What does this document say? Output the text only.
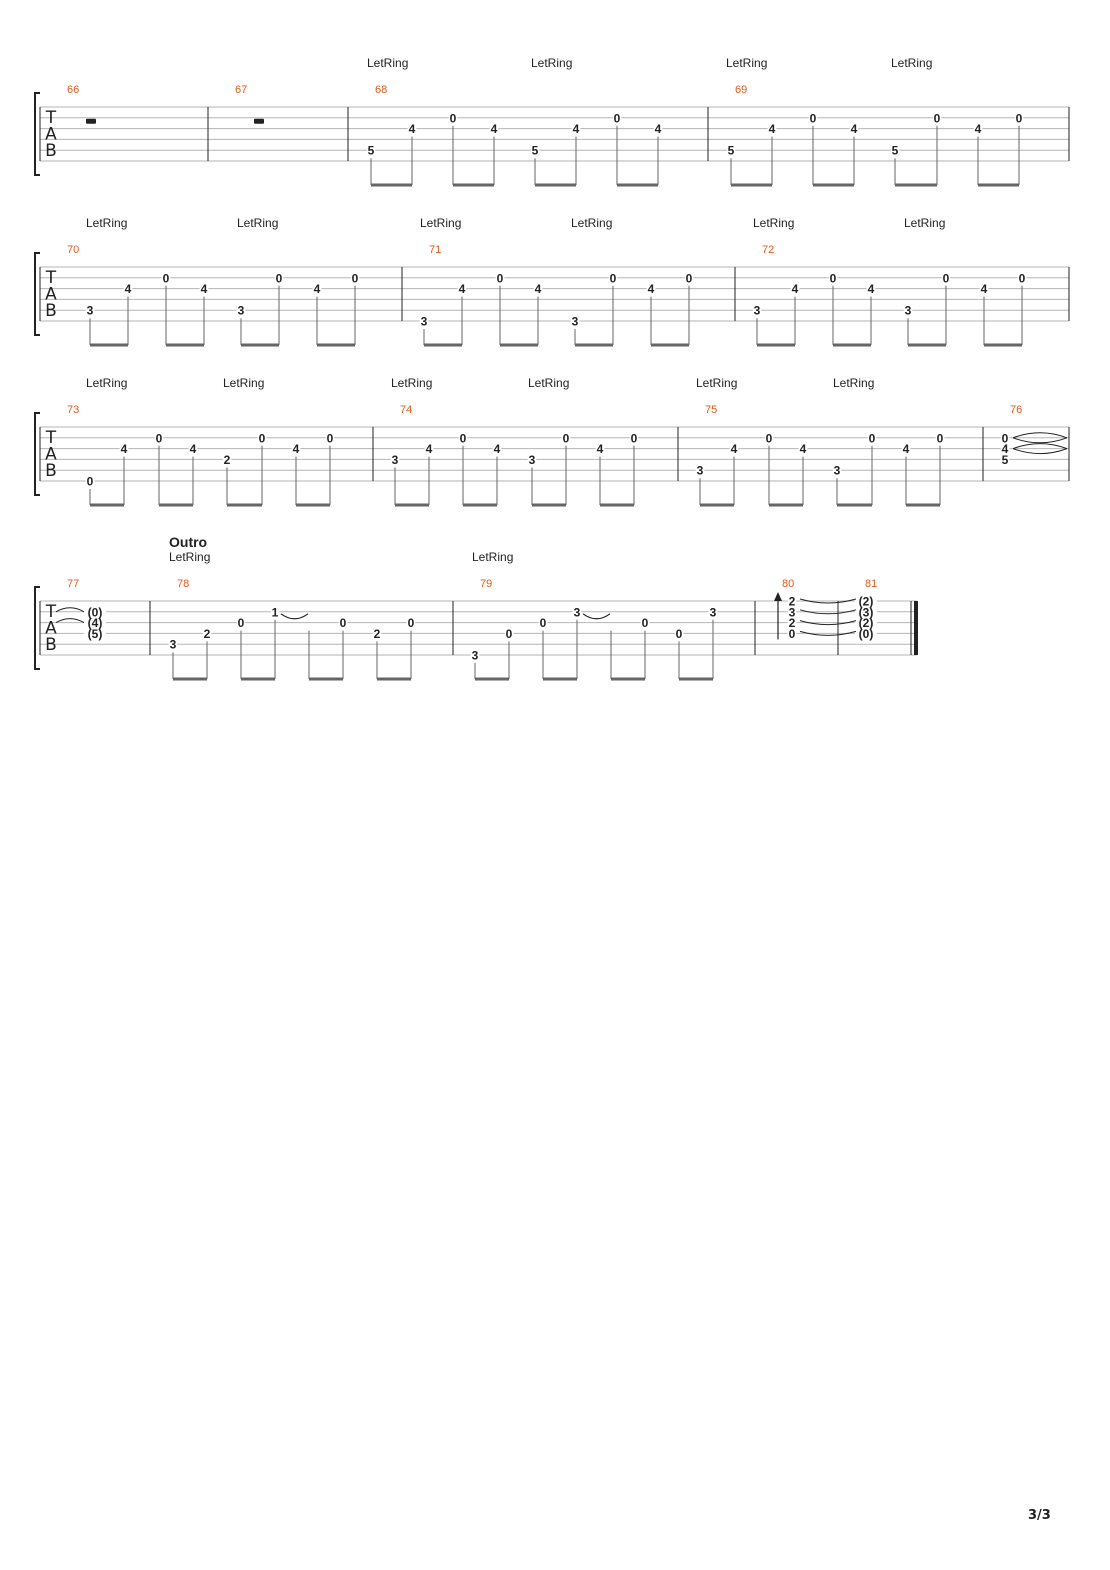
T
A
B
66	67	68
LetRing	LetRing
5
4
0
4
5
4
0
4
69
LetRing	LetRing
5
4
0
4
5
0
4
0
T
A
B
70
LetRing	LetRing
3
4
0
4
3
0
4
0
71
LetRing	LetRing
3
4
0
4
3
0
4
0
72
LetRing	LetRing
3
4
0
4
3
0
4
0
T
A
B
73
LetRing	LetRing
0
4
0
4
2
0
4
0
74
LetRing	LetRing
3
4
0
4
3
0
4
0
75
LetRing	LetRing
3
4
0
4
3
0
4
0
76
0
4
5
T
A
B
Outro
77
(0)
(4)
(5)
78
LetRing
3
2
0
1
0
2
0
79
LetRing
3
0
0
3
0
0
3
80
2
3
2
0
81
(2)
(3)
(2)
(0)
3/3
